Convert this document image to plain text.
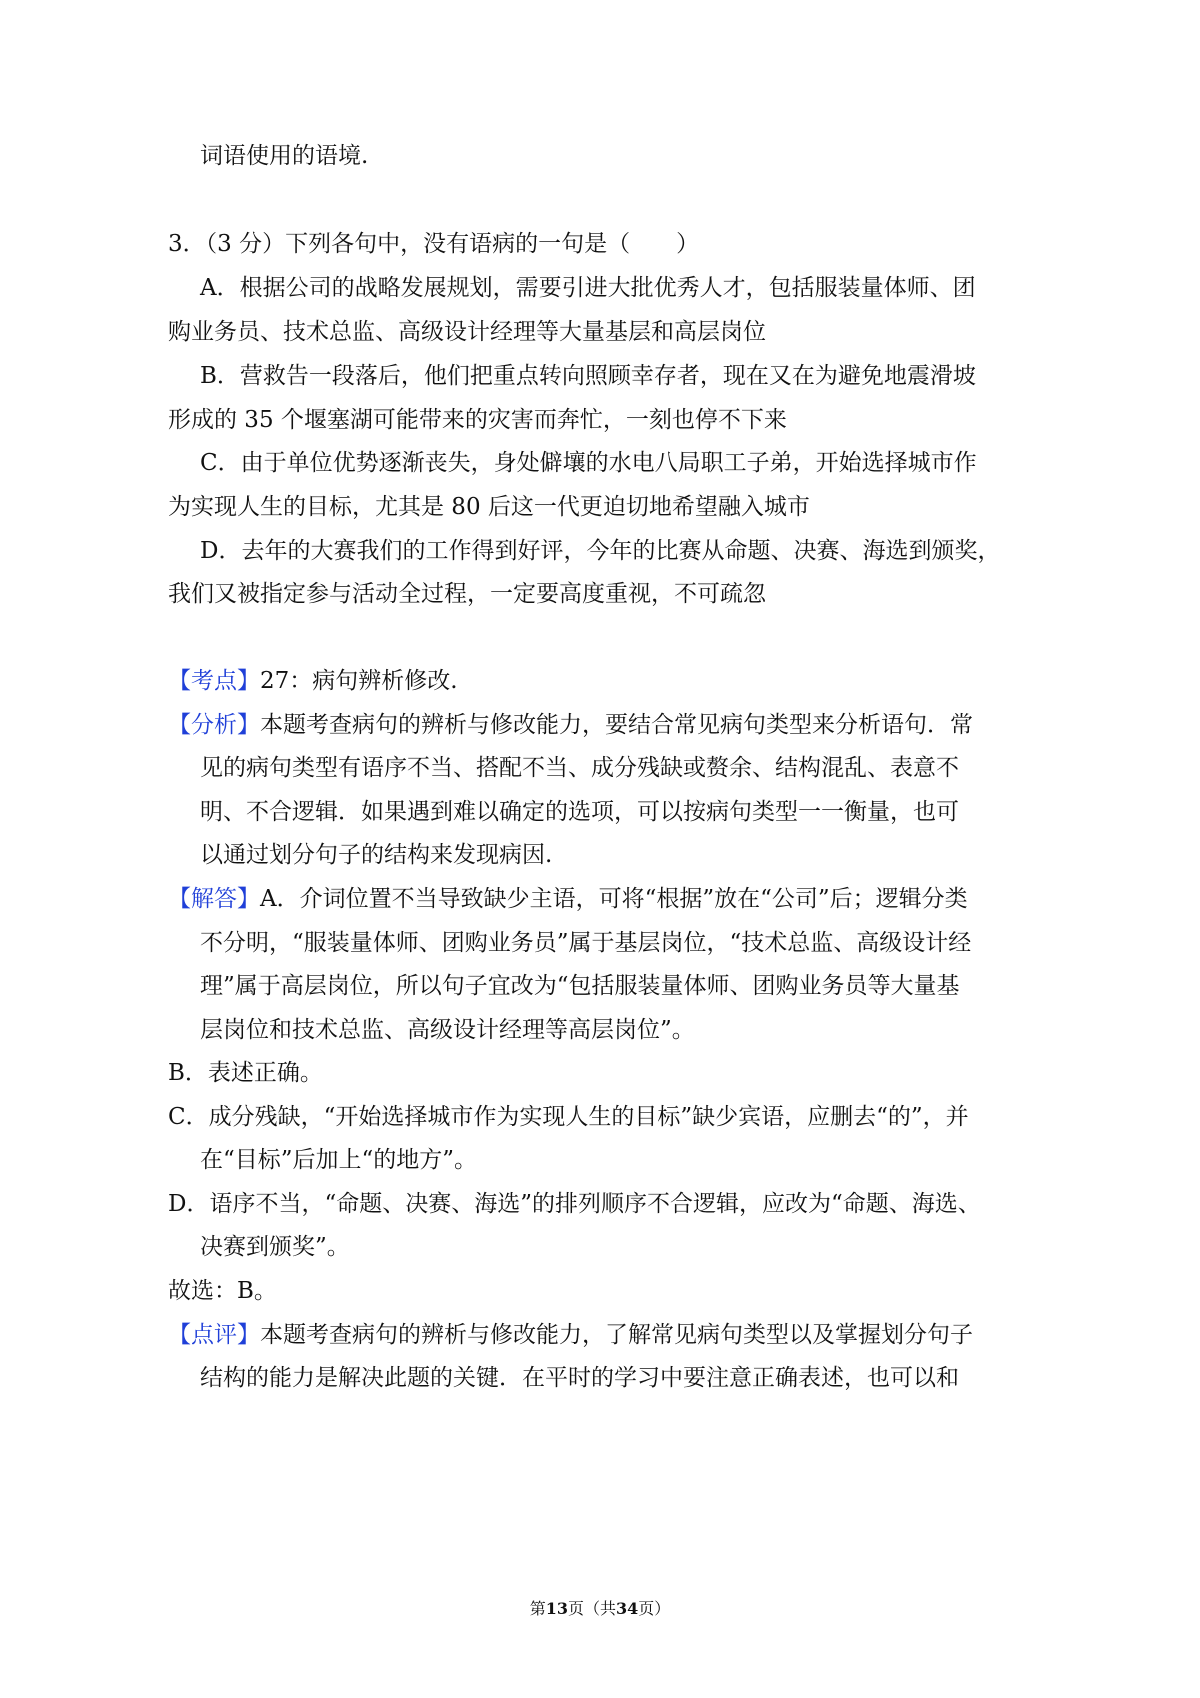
词语使用的语境.
3．（3 分）下列各句中，没有语病的一句是（　　）
A．根据公司的战略发展规划，需要引进大批优秀人才，包括服装量体师、团
购业务员、技术总监、高级设计经理等大量基层和高层岗位
B．营救告一段落后，他们把重点转向照顾幸存者，现在又在为避免地震滑坡
形成的 35 个堰塞湖可能带来的灾害而奔忙，一刻也停不下来
C．由于单位优势逐渐丧失，身处僻壤的水电八局职工子弟，开始选择城市作
为实现人生的目标，尤其是 80 后这一代更迫切地希望融入城市
D．去年的大赛我们的工作得到好评，今年的比赛从命题、决赛、海选到颁奖，
我们又被指定参与活动全过程，一定要高度重视，不可疏忽
【考点】27：病句辨析修改.
【分析】本题考查病句的辨析与修改能力，要结合常见病句类型来分析语句．常
见的病句类型有语序不当、搭配不当、成分残缺或赘余、结构混乱、表意不
明、不合逻辑．如果遇到难以确定的选项，可以按病句类型一一衡量，也可
以通过划分句子的结构来发现病因.
【解答】A．介词位置不当导致缺少主语，可将“根据”放在“公司”后；逻辑分类
不分明，“服装量体师、团购业务员”属于基层岗位，“技术总监、高级设计经
理”属于高层岗位，所以句子宜改为“包括服装量体师、团购业务员等大量基
层岗位和技术总监、高级设计经理等高层岗位”。
B．表述正确。
C．成分残缺，“开始选择城市作为实现人生的目标”缺少宾语，应删去“的”，并
在“目标”后加上“的地方”。
D．语序不当，“命题、决赛、海选”的排列顺序不合逻辑，应改为“命题、海选、
决赛到颁奖”。
故选：B。
【点评】本题考查病句的辨析与修改能力，了解常见病句类型以及掌握划分句子
结构的能力是解决此题的关键．在平时的学习中要注意正确表述，也可以和
第13页（共34页）
